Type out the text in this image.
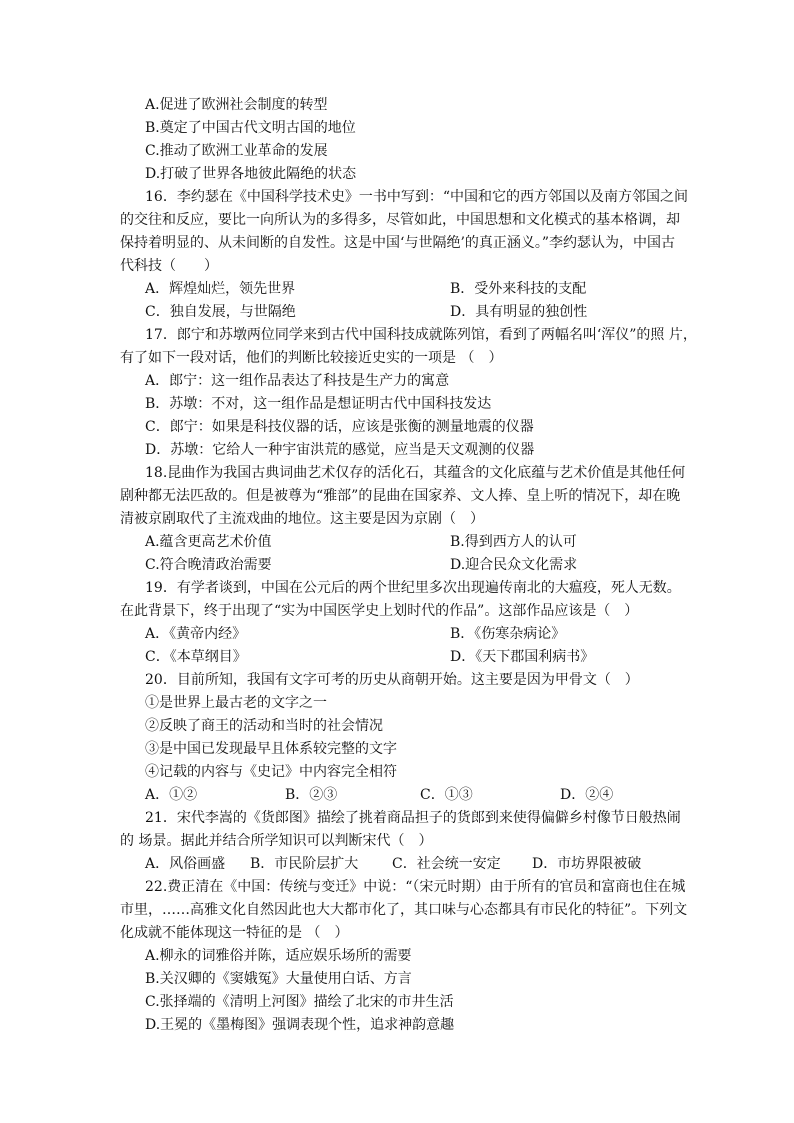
A.促进了欧洲社会制度的转型
B.奠定了中国古代文明古国的地位
C.推动了欧洲工业革命的发展
D.打破了世界各地彼此隔绝的状态
16．李约瑟在《中国科学技术史》一书中写到：“中国和它的西方邻国以及南方邻国之间
的交往和反应，要比一向所认为的多得多，尽管如此，中国思想和文化模式的基本格调，却
保持着明显的、从未间断的自发性。这是中国‘与世隔绝’的真正涵义。”李约瑟认为，中国古
代科技（　　）
A．辉煌灿烂，领先世界	B．受外来科技的支配
C．独自发展，与世隔绝	D．具有明显的独创性
17．郎宁和苏墩两位同学来到古代中国科技成就陈列馆，看到了两幅名叫‘浑仪”的照 片，
有了如下一段对话，他们的判断比较接近史实的一项是 （　）
A．郎宁：这一组作品表达了科技是生产力的寓意
B．苏墩：不对，这一组作品是想证明古代中国科技发达
C．郎宁：如果是科技仪器的话，应该是张衡的测量地震的仪器
D．苏墩：它给人一种宇宙洪荒的感觉，应当是天文观测的仪器
18.昆曲作为我国古典词曲艺术仅存的活化石，其蕴含的文化底蕴与艺术价值是其他任何
剧种都无法匹敌的。但是被尊为“雅部”的昆曲在国家养、文人捧、皇上听的情况下，却在晚
清被京剧取代了主流戏曲的地位。这主要是因为京剧（　）
A.蕴含更高艺术价值	B.得到西方人的认可
C.符合晚清政治需要	D.迎合民众文化需求
19．有学者谈到，中国在公元后的两个世纪里多次出现遍传南北的大瘟疫，死人无数。
在此背景下，终于出现了“实为中国医学史上划时代的作品”。这部作品应该是（　）
A．《黄帝内经》	B．《伤寒杂病论》
C．《本草纲目》	D．《天下郡国利病书》
20．目前所知，我国有文字可考的历史从商朝开始。这主要是因为甲骨文（　）
①是世界上最古老的文字之一
②反映了商王的活动和当时的社会情况
③是中国已发现最早且体系较完整的文字
④记载的内容与《史记》中内容完全相符
A．①②	B．②③	C．①③	D．②④
21．宋代李嵩的《货郎图》描绘了挑着商品担子的货郎到来使得偏僻乡村像节日般热闹
的 场景。据此并结合所学知识可以判断宋代（　）
A．风俗画盛 B．市民阶层扩大 C．社会统一安定 D．市坊界限被破
22.费正清在《中国：传统与变迁》中说：“（宋元时期）由于所有的官员和富商也住在城
市里，……高雅文化自然因此也大大都市化了，其口味与心态都具有市民化的特征”。下列文
化成就不能体现这一特征的是 （　）
A.柳永的词雅俗并陈，适应娱乐场所的需要
B.关汉卿的《窦娥冤》大量使用白话、方言
C.张择端的《清明上河图》描绘了北宋的市井生活
D.王冕的《墨梅图》强调表现个性，追求神韵意趣
